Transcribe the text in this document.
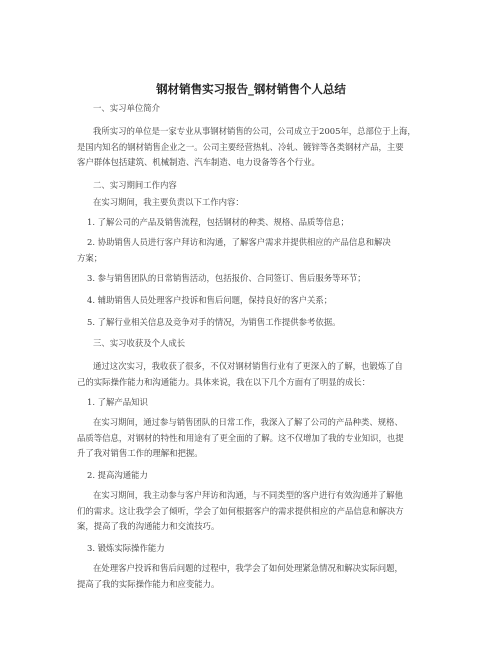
钢材销售实习报告_钢材销售个人总结
一、实习单位简介
我所实习的单位是一家专业从事钢材销售的公司，公司成立于2005年，总部位于上海，
是国内知名的钢材销售企业之一。公司主要经营热轧、冷轧、镀锌等各类钢材产品，主要
客户群体包括建筑、机械制造、汽车制造、电力设备等各个行业。
二、实习期间工作内容
在实习期间，我主要负责以下工作内容：
1. 了解公司的产品及销售流程，包括钢材的种类、规格、品质等信息；
2. 协助销售人员进行客户拜访和沟通，了解客户需求并提供相应的产品信息和解决
方案；
3. 参与销售团队的日常销售活动，包括报价、合同签订、售后服务等环节；
4. 辅助销售人员处理客户投诉和售后问题，保持良好的客户关系；
5. 了解行业相关信息及竞争对手的情况，为销售工作提供参考依据。
三、实习收获及个人成长
通过这次实习，我收获了很多，不仅对钢材销售行业有了更深入的了解，也锻炼了自
己的实际操作能力和沟通能力。具体来说，我在以下几个方面有了明显的成长：
1. 了解产品知识
在实习期间，通过参与销售团队的日常工作，我深入了解了公司的产品种类、规格、
品质等信息，对钢材的特性和用途有了更全面的了解。这不仅增加了我的专业知识，也提
升了我对销售工作的理解和把握。
2. 提高沟通能力
在实习期间，我主动参与客户拜访和沟通，与不同类型的客户进行有效沟通并了解他
们的需求。这让我学会了倾听，学会了如何根据客户的需求提供相应的产品信息和解决方
案，提高了我的沟通能力和交流技巧。
3. 锻炼实际操作能力
在处理客户投诉和售后问题的过程中，我学会了如何处理紧急情况和解决实际问题，
提高了我的实际操作能力和应变能力。
